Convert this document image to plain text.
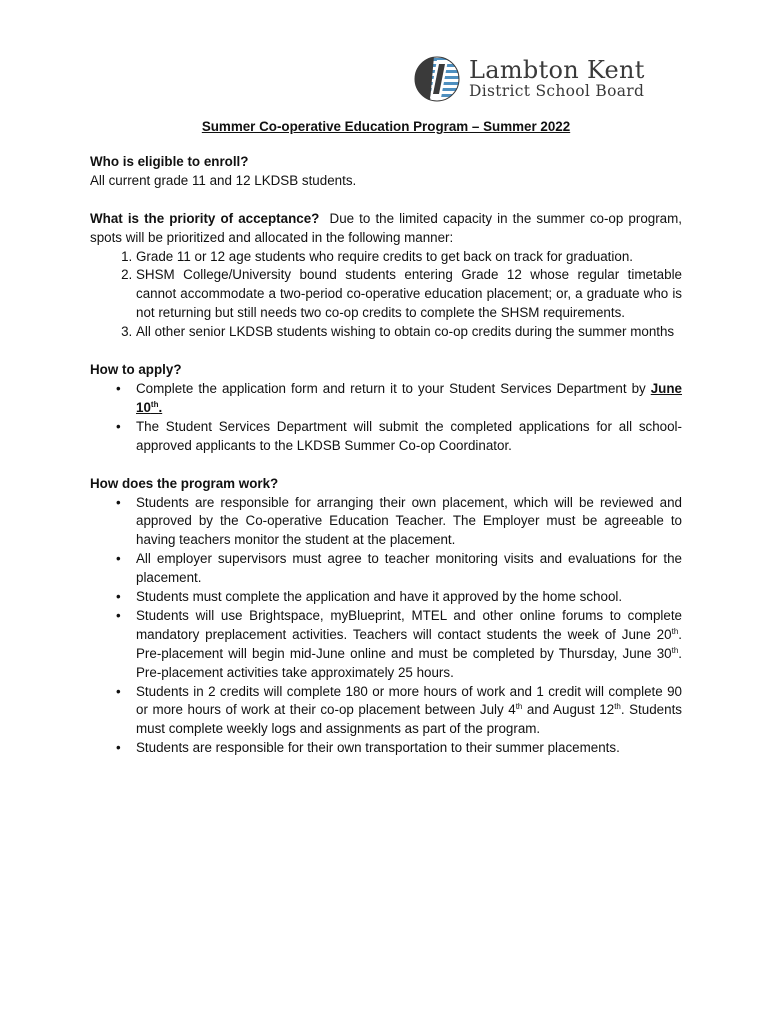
Lambton Kent
District School Board

Summer Co-operative Education Program – Summer 2022

Who is eligible to enroll?

All current grade 11 and 12 LKDSB students.

What is the priority of acceptance? Due to the limited capacity in the summer co-op program, spots will be prioritized and allocated in the following manner:

1. Grade 11 or 12 age students who require credits to get back on track for graduation.
2. SHSM College/University bound students entering Grade 12 whose regular timetable cannot accommodate a two-period co-operative education placement; or, a graduate who is not returning but still needs two co-op credits to complete the SHSM requirements.
3. All other senior LKDSB students wishing to obtain co-op credits during the summer months

How to apply?

• Complete the application form and return it to your Student Services Department by June 10th.
• The Student Services Department will submit the completed applications for all school-approved applicants to the LKDSB Summer Co-op Coordinator.

How does the program work?

• Students are responsible for arranging their own placement, which will be reviewed and approved by the Co-operative Education Teacher. The Employer must be agreeable to having teachers monitor the student at the placement.
• All employer supervisors must agree to teacher monitoring visits and evaluations for the placement.
• Students must complete the application and have it approved by the home school.
• Students will use Brightspace, myBlueprint, MTEL and other online forums to complete mandatory preplacement activities. Teachers will contact students the week of June 20th. Pre-placement will begin mid-June online and must be completed by Thursday, June 30th. Pre-placement activities take approximately 25 hours.
• Students in 2 credits will complete 180 or more hours of work and 1 credit will complete 90 or more hours of work at their co-op placement between July 4th and August 12th. Students must complete weekly logs and assignments as part of the program.
• Students are responsible for their own transportation to their summer placements.
